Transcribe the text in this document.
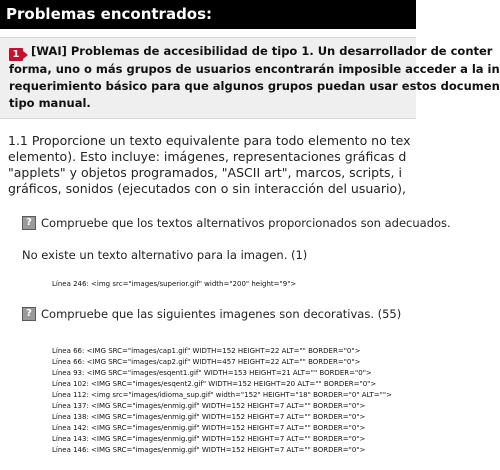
Problemas encontrados:
1	[WAI] Problemas de accesibilidad de tipo 1. Un desarrollador de conter
forma, uno o más grupos de usuarios encontrarán imposible acceder a la in
requerimiento básico para que algunos grupos puedan usar estos documen
tipo manual.
1.1 Proporcione un texto equivalente para todo elemento no tex
elemento). Esto incluye: imágenes, representaciones gráficas d
"applets" y objetos programados, "ASCII art", marcos, scripts, i
gráficos, sonidos (ejecutados con o sin interacción del usuario),
? Compruebe que los textos alternativos proporcionados son adecuados.
No existe un texto alternativo para la imagen. (1)
Línea 246: <img src="images/superior.gif" width="200" height="9">
? Compruebe que las siguientes imagenes son decorativas. (55)
Línea 66: <IMG SRC="images/cap1.gif" WIDTH=152 HEIGHT=22 ALT="" BORDER="0">
Línea 66: <IMG SRC="images/cap2.gif" WIDTH=457 HEIGHT=22 ALT="" BORDER="0">
Línea 93: <IMG SRC="images/esqent1.gif" WIDTH=153 HEIGHT=21 ALT="" BORDER="0">
Línea 102: <IMG SRC="images/esqent2.gif" WIDTH=152 HEIGHT=20 ALT="" BORDER="0">
Línea 112: <img src="images/idioma_sup.gif" width="152" HEIGHT="18" BORDER="0" ALT="">
Línea 137: <IMG SRC="images/enmig.gif" WIDTH=152 HEIGHT=7 ALT="" BORDER="0">
Línea 138: <IMG SRC="images/enmig.gif" WIDTH=152 HEIGHT=7 ALT="" BORDER="0">
Línea 142: <IMG SRC="images/enmig.gif" WIDTH=152 HEIGHT=7 ALT="" BORDER="0">
Línea 143: <IMG SRC="images/enmig.gif" WIDTH=152 HEIGHT=7 ALT="" BORDER="0">
Línea 146: <IMG SRC="images/enmig.gif" WIDTH=152 HEIGHT=7 ALT="" BORDER="0">
